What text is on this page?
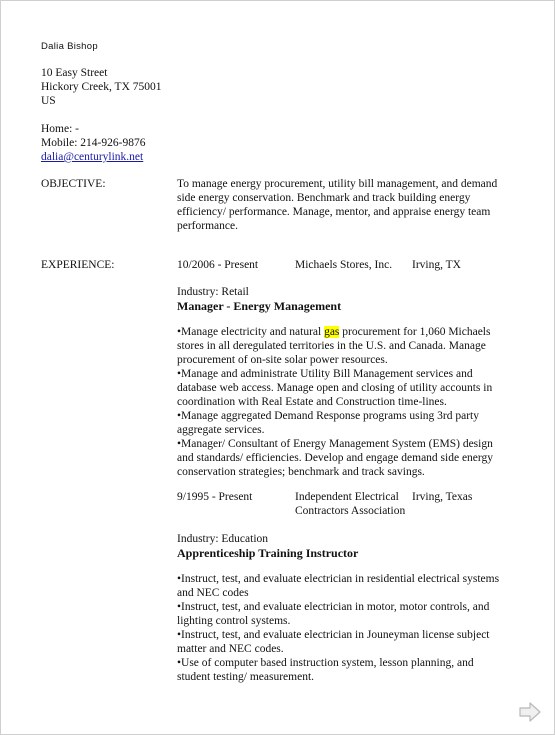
Dalia Bishop
10 Easy Street
Hickory Creek, TX 75001
US
Home: -
Mobile: 214-926-9876
dalia@centurylink.net
OBJECTIVE:	To manage energy procurement, utility bill management, and demand
side energy conservation. Benchmark and track building energy
efficiency/ performance. Manage, mentor, and appraise energy team
performance.
EXPERIENCE:	10/2006 - Present	Michaels Stores, Inc. Irving, TX
Industry: Retail
Manager - Energy Management
•Manage electricity and natural gas procurement for 1,060 Michaels
stores in all deregulated territories in the U.S. and Canada. Manage
procurement of on-site solar power resources.
•Manage and administrate Utility Bill Management services and
database web access. Manage open and closing of utility accounts in
coordination with Real Estate and Construction time-lines.
•Manage aggregated Demand Response programs using 3rd party
aggregate services.
•Manager/ Consultant of Energy Management System (EMS) design
and standards/ efficiencies. Develop and engage demand side energy
conservation strategies; benchmark and track savings.
9/1995 - Present	Independent Electrical
Contractors Association
Irving, Texas
Industry: Education
Apprenticeship Training Instructor
•Instruct, test, and evaluate electrician in residential electrical systems
and NEC codes
•Instruct, test, and evaluate electrician in motor, motor controls, and
lighting control systems.
•Instruct, test, and evaluate electrician in Jouneyman license subject
matter and NEC codes.
•Use of computer based instruction system, lesson planning, and
student testing/ measurement.
